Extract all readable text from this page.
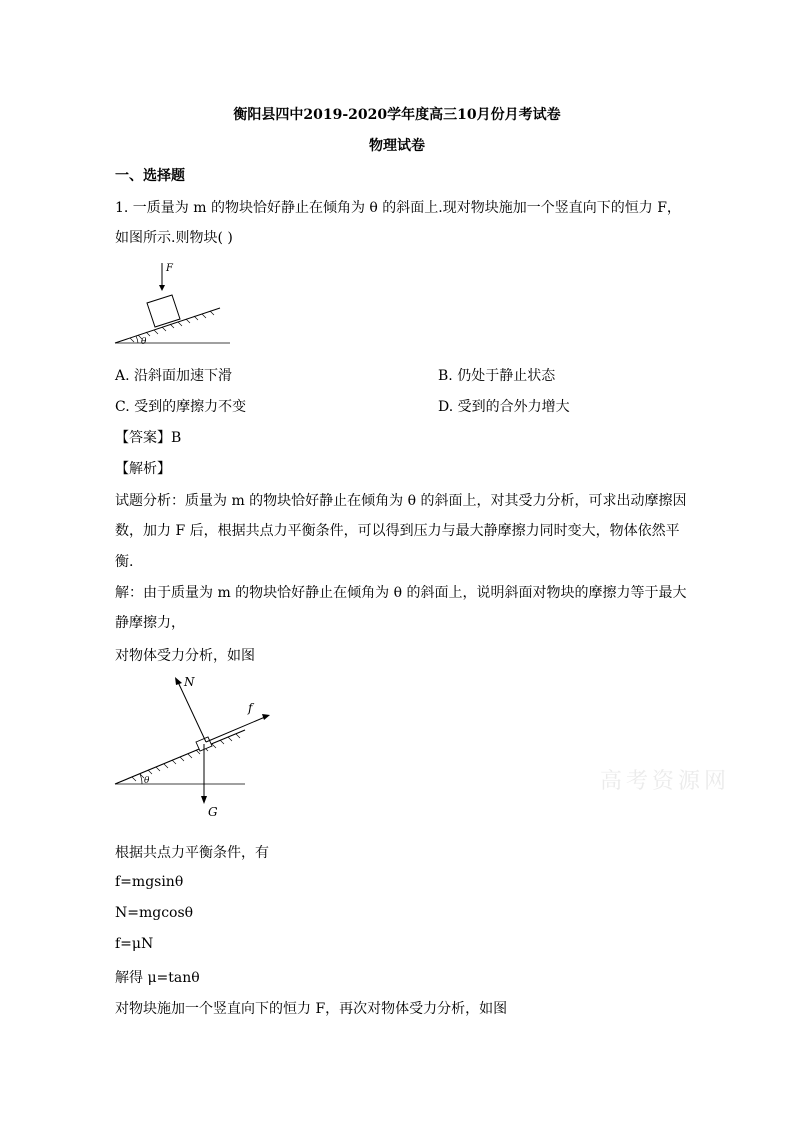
衡阳县四中2019-2020学年度高三10月份月考试卷
物理试卷
一、选择题
1. 一质量为 m 的物块恰好静止在倾角为 θ 的斜面上.现对物块施加一个竖直向下的恒力 F，
如图所示.则物块( )
θ
F
A. 沿斜面加速下滑	B. 仍处于静止状态
C. 受到的摩擦力不变	D. 受到的合外力增大
【答案】B
【解析】
试题分析：质量为 m 的物块恰好静止在倾角为 θ 的斜面上，对其受力分析，可求出动摩擦因
数，加力 F 后，根据共点力平衡条件，可以得到压力与最大静摩擦力同时变大，物体依然平
衡.
解：由于质量为 m 的物块恰好静止在倾角为 θ 的斜面上，说明斜面对物块的摩擦力等于最大
静摩擦力，
对物体受力分析，如图
θ
N
f
G
高考资源网
根据共点力平衡条件，有
f=mgsinθ
N=mgcosθ
f=μN
解得 μ=tanθ
对物块施加一个竖直向下的恒力 F，再次对物体受力分析，如图
